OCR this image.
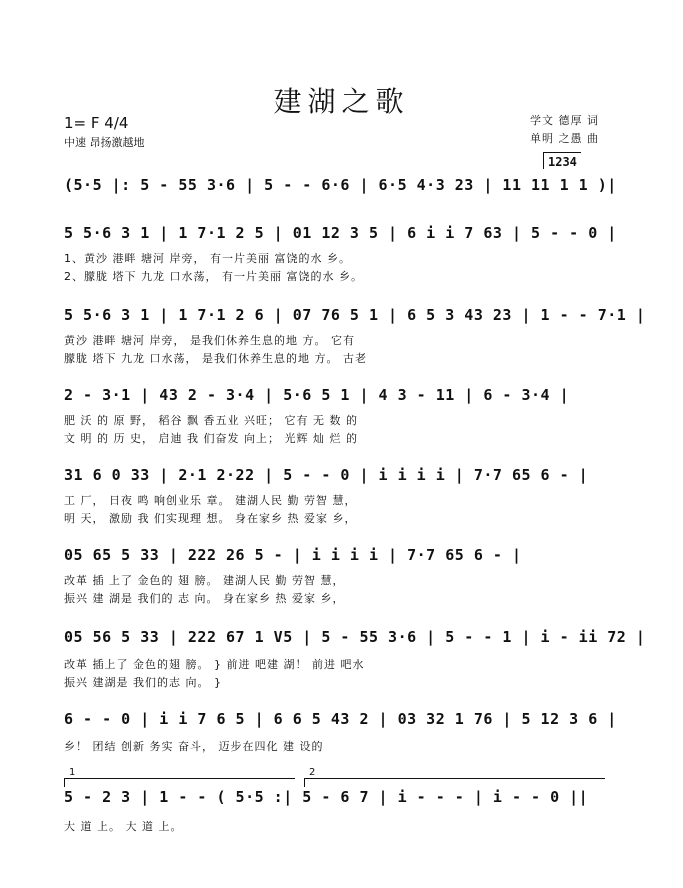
建湖之歌
1= F 4/4
中速 昂扬激越地
学文 德厚 词
单明 之愚 曲
1234
(5·5 |: 5 - 55 3·6 | 5 - - 6·6 | 6·5 4·3 23 | 11 11 1 1 )|
5 5·6 3 1 | 1 7·1 2 5 | 01 12 3 5 | 6 i i 7 63 | 5 - - 0 |
1、黄沙 港畔 塘河 岸旁， 有一片美丽 富饶的水 乡。
2、朦胧 塔下 九龙 口水荡， 有一片美丽 富饶的水 乡。
5 5·6 3 1 | 1 7·1 2 6 | 07 76 5 1 | 6 5 3 43 23 | 1 - - 7·1 |
黄沙 港畔 塘河 岸旁， 是我们休养生息的地 方。 它有
朦胧 塔下 九龙 口水荡， 是我们休养生息的地 方。 古老
2 - 3·1 | 43 2 - 3·4 | 5·6 5 1 | 4 3 - 11 | 6 - 3·4 |
肥 沃 的 原 野， 稻谷 飘 香五业 兴旺； 它有 无 数 的
文 明 的 历 史， 启迪 我 们奋发 向上； 光辉 灿 烂 的
31 6 0 33 | 2·1 2·22 | 5 - - 0 | i i i i | 7·7 65 6 - |
工 厂， 日夜 鸣 响创业乐 章。 建湖人民 勤 劳智 慧，
明 天， 激励 我 们实现理 想。 身在家乡 热 爱家 乡，
05 65 5 33 | 222 26 5 - | i i i i | 7·7 65 6 - |
改革 插 上了 金色的 翅 膀。 建湖人民 勤 劳智 慧，
振兴 建 湖是 我们的 志 向。 身在家乡 热 爱家 乡，
05 56 5 33 | 222 67 1 V5 | 5 - 55 3·6 | 5 - - 1 | i - ii 72 |
改革 插上了 金色的翅 膀。 } 前进 吧建 湖！ 前进 吧水
振兴 建湖是 我们的志 向。 }
6 - - 0 | i i 7 6 5 | 6 6 5 43 2 | 03 32 1 76 | 5 12 3 6 |
乡！ 团结 创新 务实 奋斗， 迈步在四化 建 设的
1	2
5 - 2 3 | 1 - - ( 5·5 :| 5 - 6 7 | i - - - | i - - 0 ||
大 道 上。 大 道 上。
